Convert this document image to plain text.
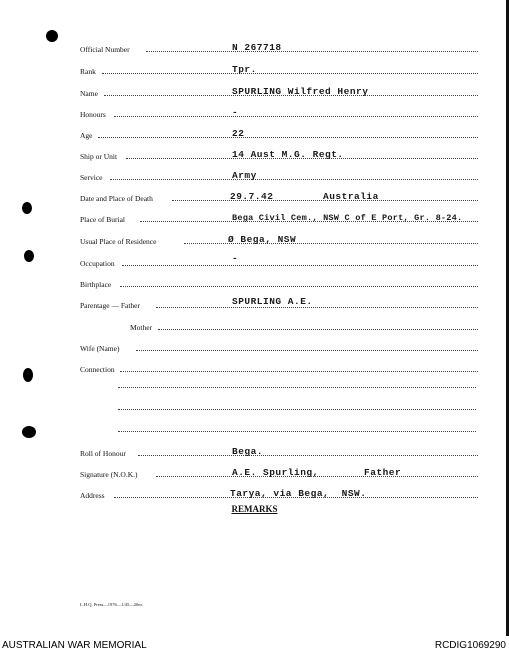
Official Number	N 267718
Rank	Tpr.
Name	SPURLING Wilfred Henry
Honours	-
Age	22
Ship or Unit	14 Aust M.G. Regt.
Service	Army
Date and Place of Death	29.7.42        Australia
Place of Burial	Bega Civil Cem., NSW C of E Port, Gr. 8-24.
Usual Place of Residence	Ø Bega, NSW
Occupation	-
Birthplace
Parentage — Father	SPURLING A.E.
Mother
Wife (Name)
Connection
Roll of Honour	Bega.
Signature (N.O.K.)	A.E. Spurling,	Father
Address	Tarya, via Bega,  NSW.
REMARKS
L.H.Q. Press—1976—1/45—20m.
AUSTRALIAN WAR MEMORIAL	RCDIG1069290
